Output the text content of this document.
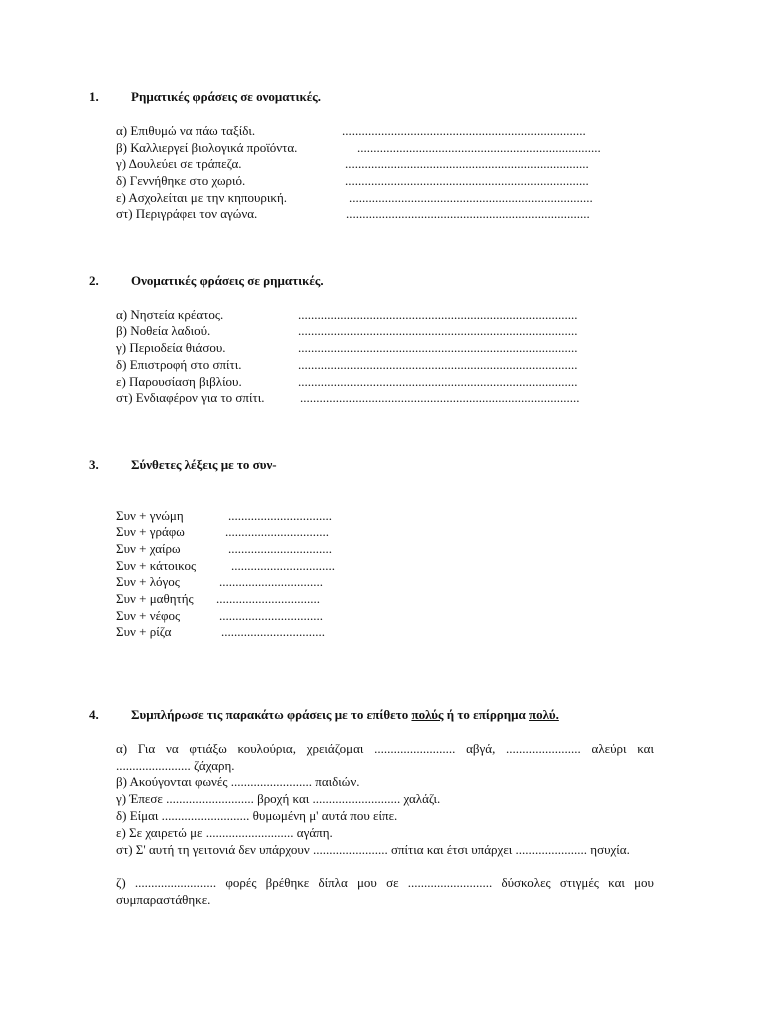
1. Ρηματικές φράσεις σε ονοματικές.
α) Επιθυμώ να πάω ταξίδι.	...........................................................................
β) Καλλιεργεί βιολογικά προϊόντα.	...........................................................................
γ) Δουλεύει σε τράπεζα.	...........................................................................
δ) Γεννήθηκε στο χωριό.	...........................................................................
ε) Ασχολείται με την κηπουρική.	...........................................................................
στ) Περιγράφει τον αγώνα.	...........................................................................
2. Ονοματικές φράσεις σε ρηματικές.
α) Νηστεία κρέατος.	......................................................................................
β) Νοθεία λαδιού.	......................................................................................
γ) Περιοδεία θιάσου.	......................................................................................
δ) Επιστροφή στο σπίτι.	......................................................................................
ε) Παρουσίαση βιβλίου.	......................................................................................
στ) Ενδιαφέρον για το σπίτι.	......................................................................................
3. Σύνθετες λέξεις με το συν-
Συν + γνώμη	................................
Συν + γράφω	................................
Συν + χαίρω	................................
Συν + κάτοικος	................................
Συν + λόγος	................................
Συν + μαθητής ................................
Συν + νέφος	................................
Συν + ρίζα	................................
4. Συμπλήρωσε τις παρακάτω φράσεις με το επίθετο πολύς ή το επίρρημα πολύ.
α) Για να φτιάξω κουλούρια, χρειάζομαι ......................... αβγά, ....................... αλεύρι και ....................... ζάχαρη.
β) Ακούγονται φωνές ......................... παιδιών.
γ) Έπεσε ........................... βροχή και ........................... χαλάζι.
δ) Είμαι ........................... θυμωμένη μ' αυτά που είπε.
ε) Σε χαιρετώ με ........................... αγάπη.
στ) Σ' αυτή τη γειτονιά δεν υπάρχουν ....................... σπίτια και έτσι υπάρχει ...................... ησυχία.
ζ) ......................... φορές βρέθηκε δίπλα μου σε .......................... δύσκολες στιγμές και μου συμπαραστάθηκε.
